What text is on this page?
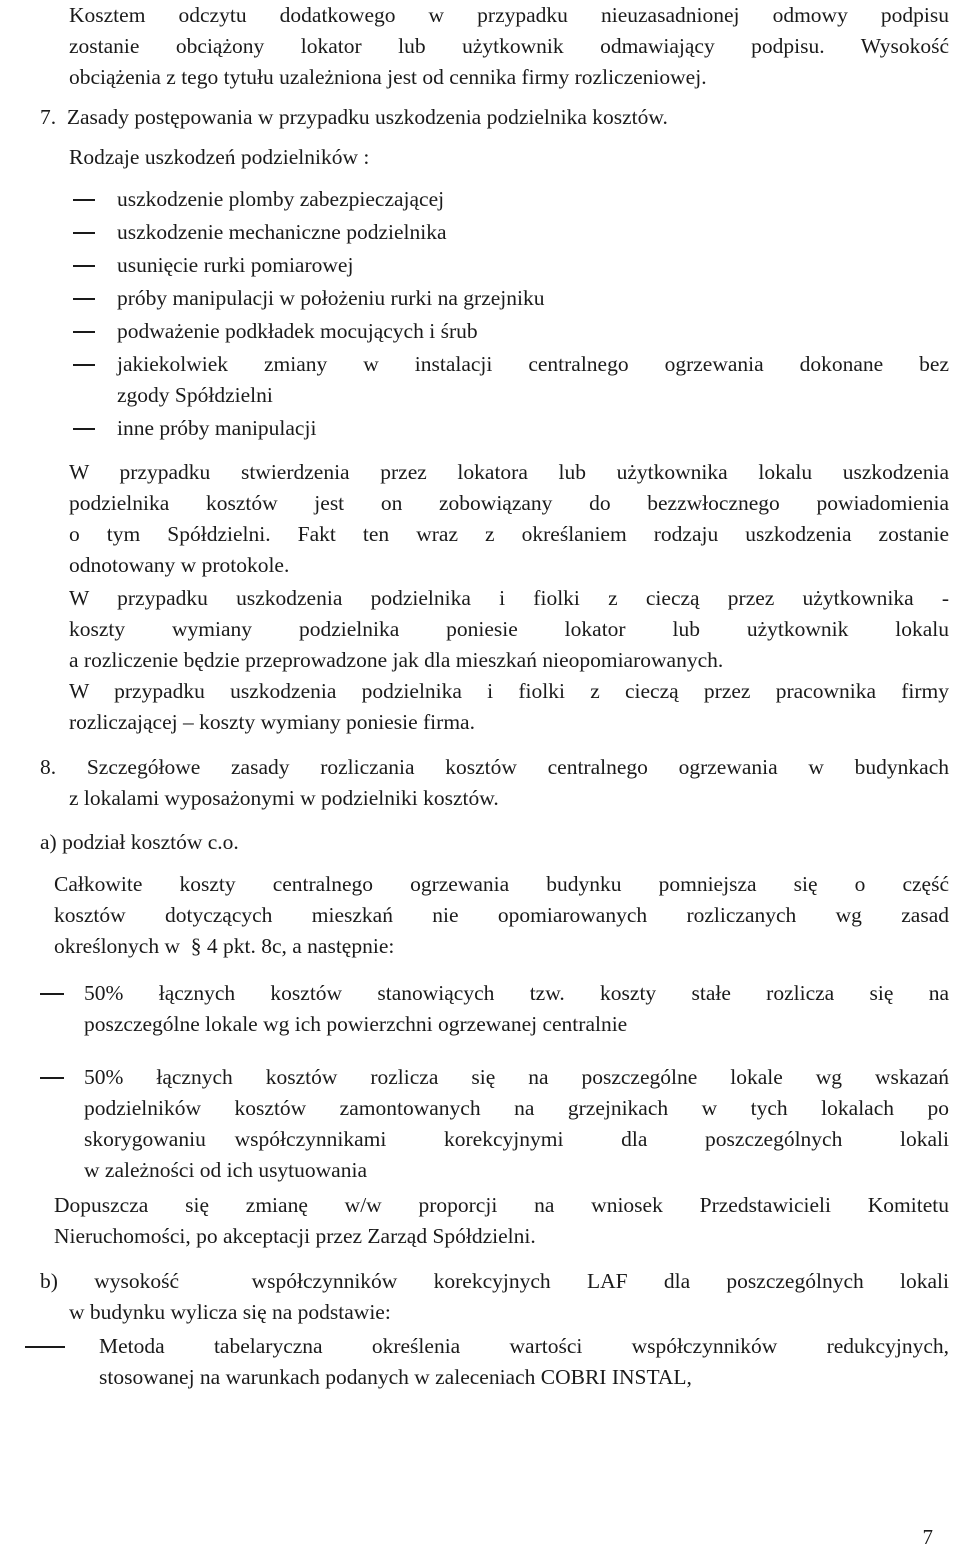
Kosztem odczytu dodatkowego w przypadku nieuzasadnionej odmowy podpisu
zostanie obciążony lokator lub użytkownik odmawiający podpisu. Wysokość
obciążenia z tego tytułu uzależniona jest od cennika firmy rozliczeniowej.
7.  Zasady postępowania w przypadku uszkodzenia podzielnika kosztów.
Rodzaje uszkodzeń podzielników :
uszkodzenie plomby zabezpieczającej
uszkodzenie mechaniczne podzielnika
usunięcie rurki pomiarowej
próby manipulacji w położeniu rurki na grzejniku
podważenie podkładek mocujących i śrub
jakiekolwiek zmiany w instalacji centralnego ogrzewania dokonane bez
zgody Spółdzielni
inne próby manipulacji
W przypadku stwierdzenia przez lokatora lub użytkownika lokalu uszkodzenia
podzielnika kosztów jest on zobowiązany do bezzwłocznego powiadomienia
o tym Spółdzielni. Fakt ten wraz z określaniem rodzaju uszkodzenia zostanie
odnotowany w protokole.
W przypadku uszkodzenia podzielnika i fiolki z cieczą przez użytkownika -
koszty wymiany podzielnika poniesie lokator lub użytkownik lokalu
a rozliczenie będzie przeprowadzone jak dla mieszkań nieopomiarowanych.
W przypadku uszkodzenia podzielnika i fiolki z cieczą przez pracownika firmy
rozliczającej – koszty wymiany poniesie firma.
8. Szczegółowe zasady rozliczania kosztów centralnego ogrzewania w budynkach
z lokalami wyposażonymi w podzielniki kosztów.
a) podział kosztów c.o.
Całkowite koszty centralnego ogrzewania budynku pomniejsza się o część
kosztów dotyczących mieszkań nie opomiarowanych rozliczanych wg zasad
określonych w  § 4 pkt. 8c, a następnie:
50% łącznych kosztów stanowiących tzw. koszty stałe rozlicza się na
poszczególne lokale wg ich powierzchni ogrzewanej centralnie
50% łącznych kosztów rozlicza się na poszczególne lokale wg wskazań
podzielników kosztów zamontowanych na grzejnikach w tych lokalach po
skorygowaniu współczynnikami  korekcyjnymi  dla  poszczególnych  lokali
w zależności od ich usytuowania
Dopuszcza się zmianę w/w proporcji na wniosek Przedstawicieli Komitetu
Nieruchomości, po akceptacji przez Zarząd Spółdzielni.
b) wysokość  współczynników korekcyjnych LAF dla poszczególnych lokali
w budynku wylicza się na podstawie:
Metoda tabelaryczna określenia wartości współczynników redukcyjnych,
stosowanej na warunkach podanych w zaleceniach COBRI INSTAL,
7
